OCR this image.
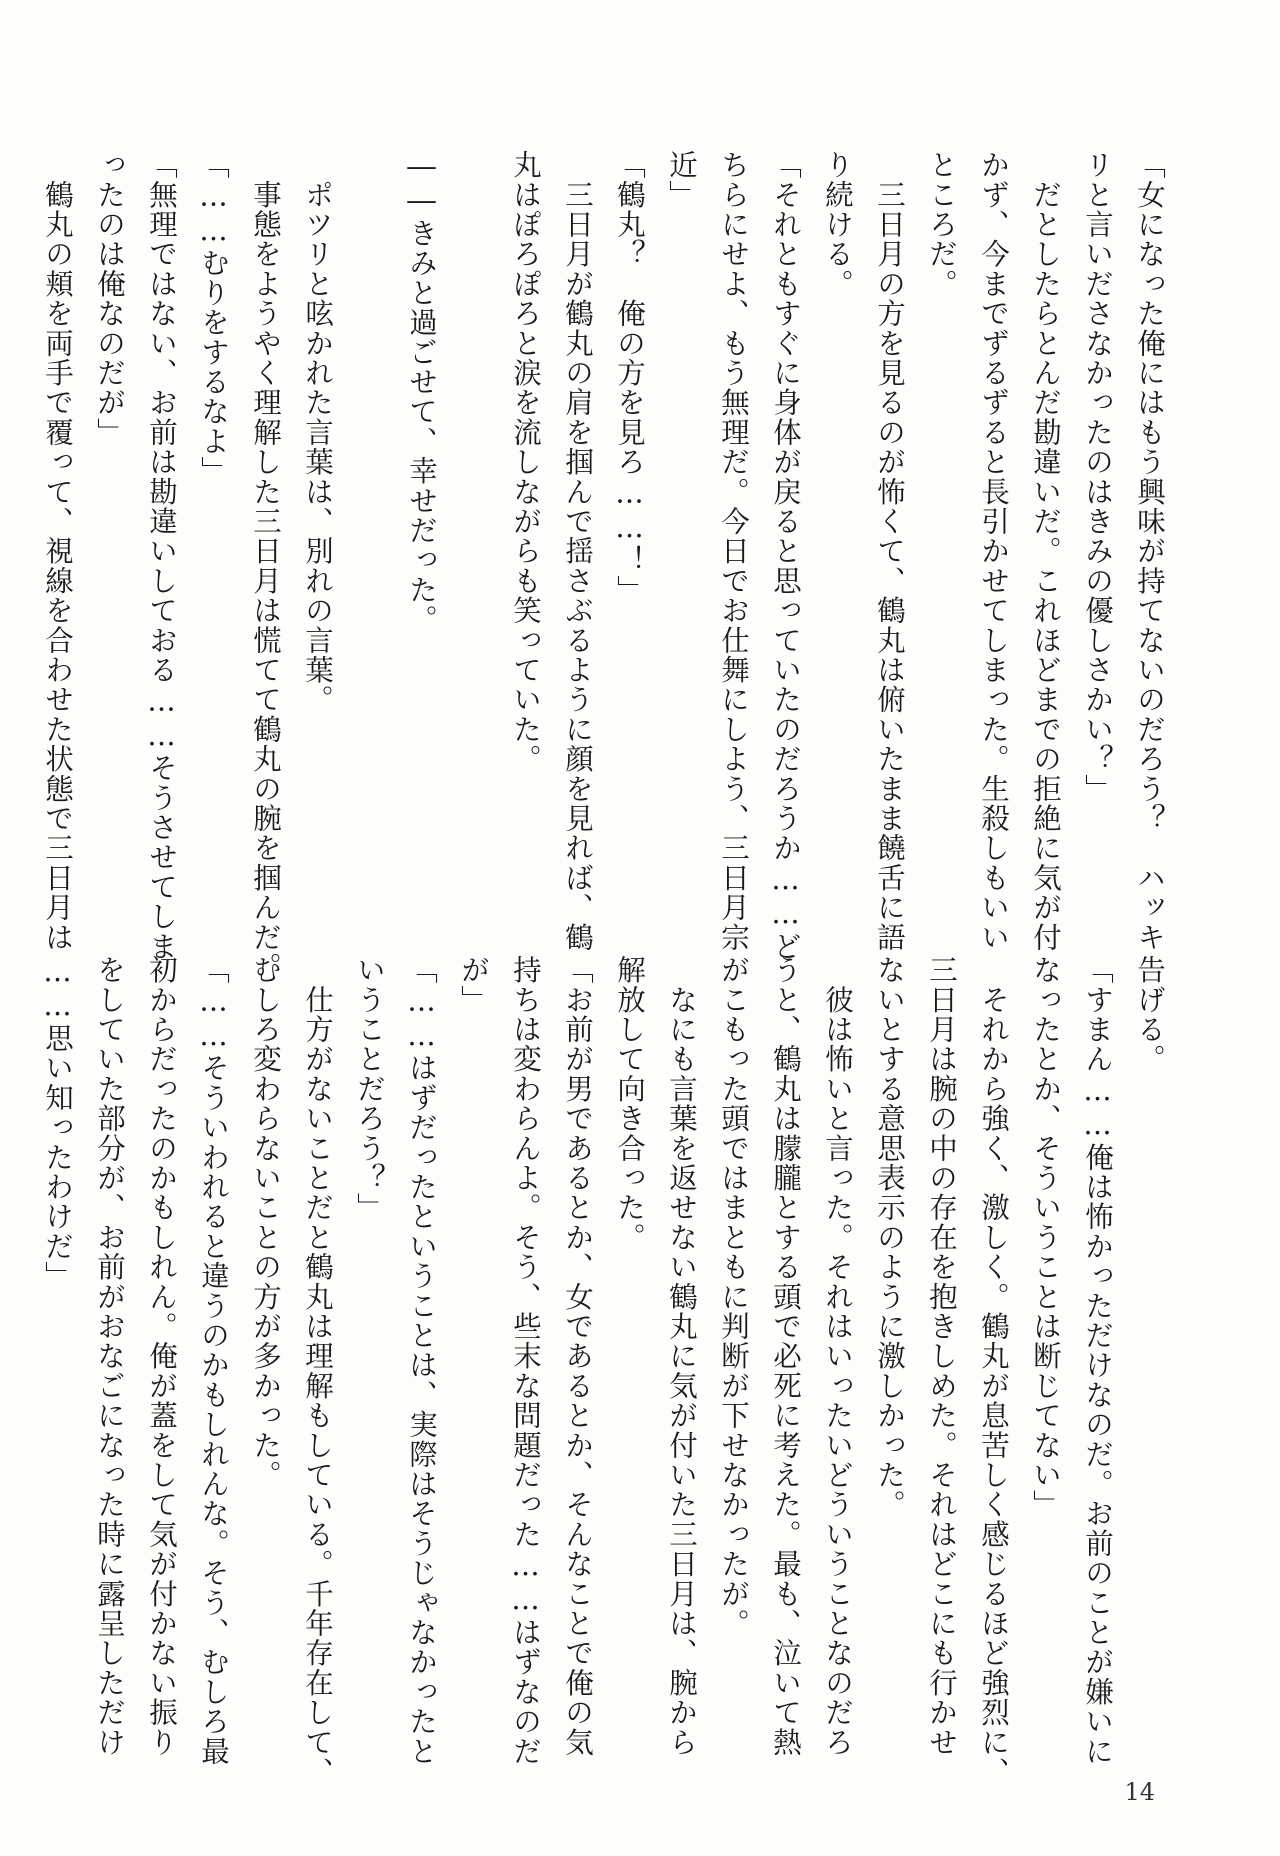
「女になった俺にはもう興味が持てないのだろう？　ハッキ
リと言いださなかったのはきみの優しさかい？」
　だとしたらとんだ勘違いだ。これほどまでの拒絶に気が付
かず、今までずるずると長引かせてしまった。生殺しもいい
ところだ。
　三日月の方を見るのが怖くて、鶴丸は俯いたまま饒舌に語
り続ける。
「それともすぐに身体が戻ると思っていたのだろうか……ど
ちらにせよ、もう無理だ。今日でお仕舞にしよう、三日月宗
近」
「鶴丸？　俺の方を見ろ……！」
　三日月が鶴丸の肩を掴んで揺さぶるように顔を見れば、鶴
丸はぽろぽろと涙を流しながらも笑っていた。

――きみと過ごせて、幸せだった。

　ポツリと呟かれた言葉は、別れの言葉。
　事態をようやく理解した三日月は慌てて鶴丸の腕を掴んだ。
「……むりをするなよ」
「無理ではない、お前は勘違いしておる……そうさせてしま
ったのは俺なのだが」
　鶴丸の頬を両手で覆って、視線を合わせた状態で三日月は
告げる。
「すまん……俺は怖かっただけなのだ。お前のことが嫌いに
なったとか、そういうことは断じてない」
　それから強く、激しく。鶴丸が息苦しく感じるほど強烈に、
三日月は腕の中の存在を抱きしめた。それはどこにも行かせ
ないとする意思表示のように激しかった。
　彼は怖いと言った。それはいったいどういうことなのだろ
うと、鶴丸は朦朧とする頭で必死に考えた。最も、泣いて熱
がこもった頭ではまともに判断が下せなかったが。
　なにも言葉を返せない鶴丸に気が付いた三日月は、腕から
解放して向き合った。
「お前が男であるとか、女であるとか、そんなことで俺の気
持ちは変わらんよ。そう、些末な問題だった……はずなのだ
が」
「……はずだったということは、実際はそうじゃなかったと
いうことだろう？」
　仕方がないことだと鶴丸は理解もしている。千年存在して、
むしろ変わらないことの方が多かった。
「……そういわれると違うのかもしれんな。そう、むしろ最
初からだったのかもしれん。俺が蓋をして気が付かない振り
をしていた部分が、お前がおなごになった時に露呈しただけ
……思い知ったわけだ」
14
